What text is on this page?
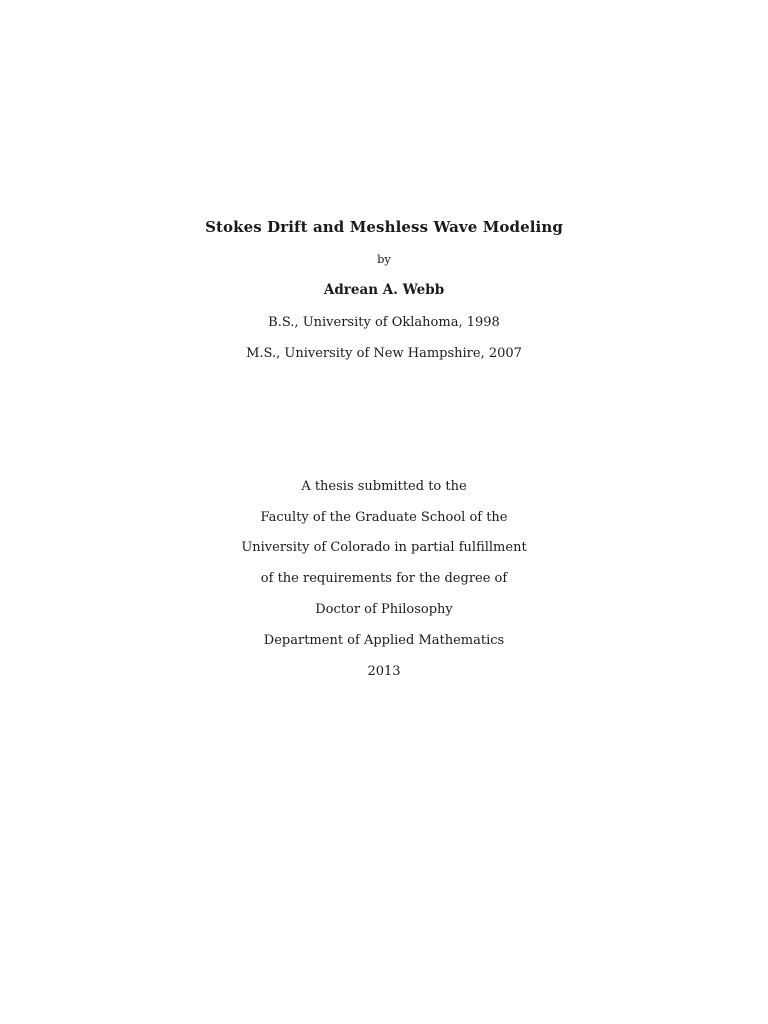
Stokes Drift and Meshless Wave Modeling
by
Adrean A. Webb
B.S., University of Oklahoma, 1998
M.S., University of New Hampshire, 2007
A thesis submitted to the
Faculty of the Graduate School of the
University of Colorado in partial fulfillment
of the requirements for the degree of
Doctor of Philosophy
Department of Applied Mathematics
2013
